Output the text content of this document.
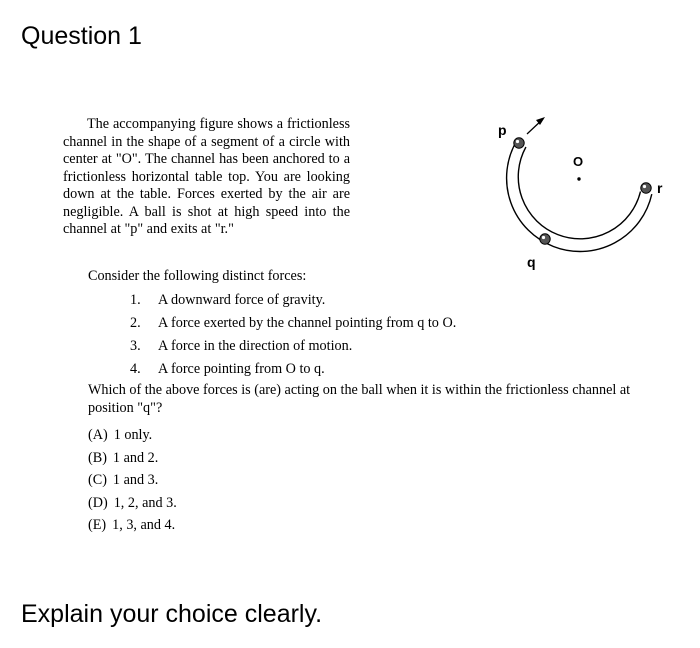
Question 1

The accompanying figure shows a frictionless channel in the shape of a segment of a circle with center at "O". The channel has been anchored to a frictionless horizontal table top. You are looking down at the table. Forces exerted by the air are negligible. A ball is shot at high speed into the channel at "p" and exits at "r."

p
O
q
r

Consider the following distinct forces:

1. A downward force of gravity.
2. A force exerted by the channel pointing from q to O.
3. A force in the direction of motion.
4. A force pointing from O to q.

Which of the above forces is (are) acting on the ball when it is within the frictionless channel at position "q"?

(A) 1 only.
(B) 1 and 2.
(C) 1 and 3.
(D) 1, 2, and 3.
(E) 1, 3, and 4.
Explain your choice clearly.
